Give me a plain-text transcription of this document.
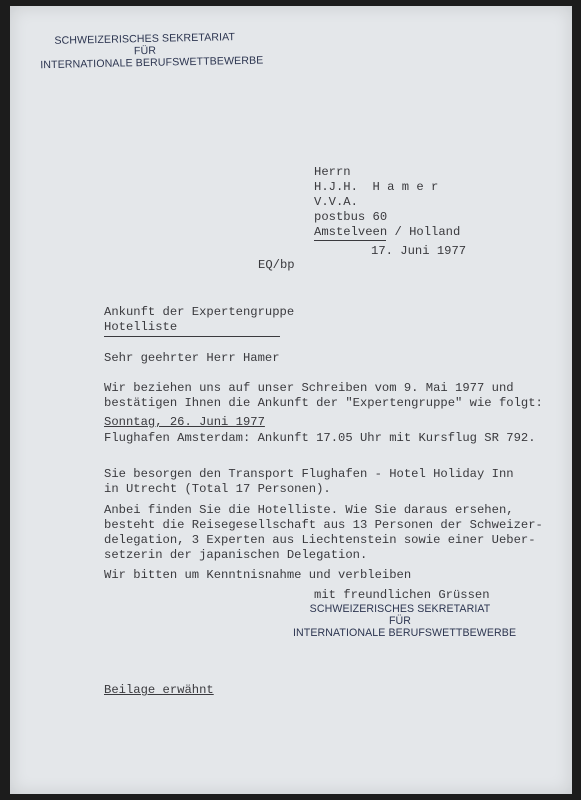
SCHWEIZERISCHES SEKRETARIAT
FÜR
INTERNATIONALE BERUFSWETTBEWERBE
Herrn
H.J.H.  H a m e r
V.V.A.
postbus 60
Amstelveen / Holland
17. Juni 1977
EQ/bp
Ankunft der Expertengruppe
Hotelliste
Sehr geehrter Herr Hamer
Wir beziehen uns auf unser Schreiben vom 9. Mai 1977 und
bestätigen Ihnen die Ankunft der "Expertengruppe" wie folgt:
Sonntag, 26. Juni 1977
Flughafen Amsterdam: Ankunft 17.05 Uhr mit Kursflug SR 792.
Sie besorgen den Transport Flughafen - Hotel Holiday Inn
in Utrecht (Total 17 Personen).
Anbei finden Sie die Hotelliste. Wie Sie daraus ersehen,
besteht die Reisegesellschaft aus 13 Personen der Schweizer-
delegation, 3 Experten aus Liechtenstein sowie einer Ueber-
setzerin der japanischen Delegation.
Wir bitten um Kenntnisnahme und verbleiben
mit freundlichen Grüssen
SCHWEIZERISCHES SEKRETARIAT
FÜR
INTERNATIONALE BERUFSWETTBEWERBE
Beilage erwähnt
